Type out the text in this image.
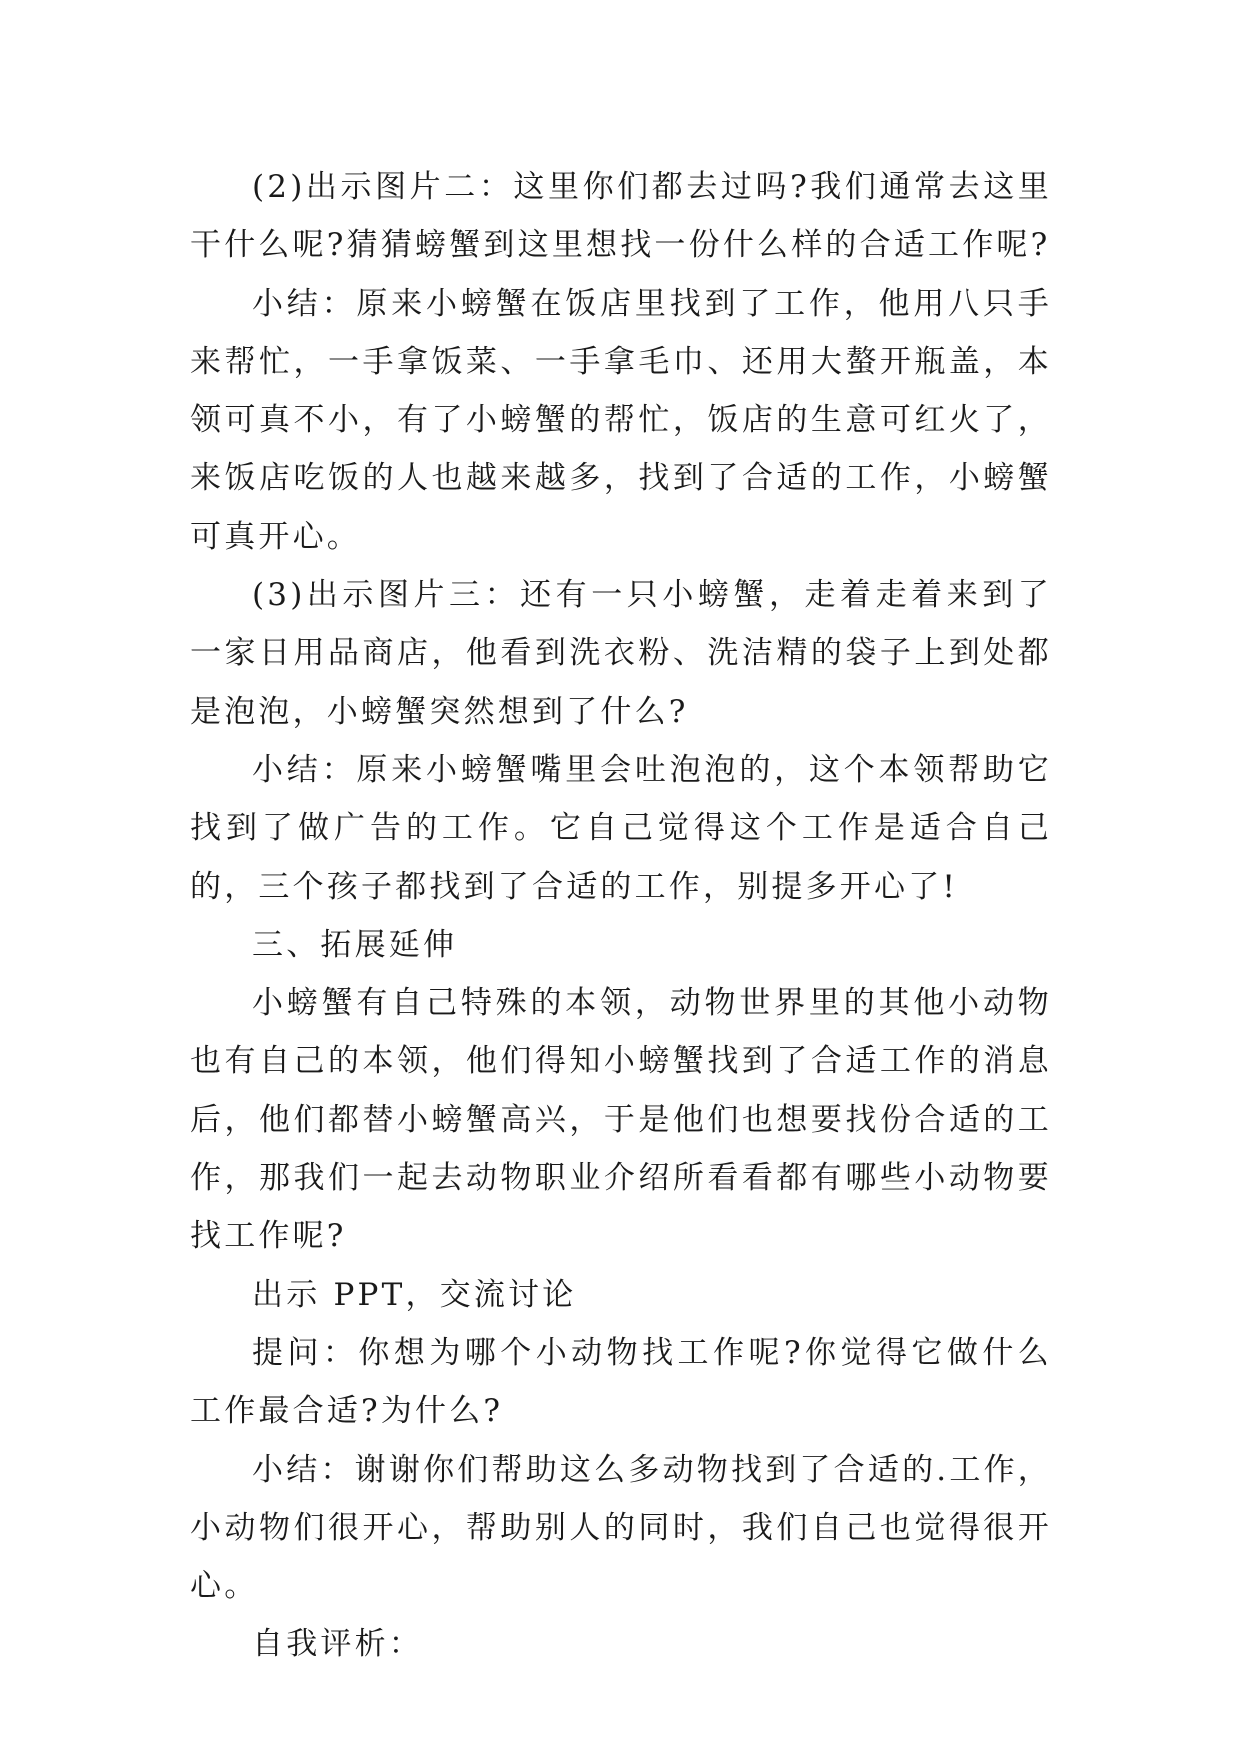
(2)出示图片二：这里你们都去过吗?我们通常去这里干什么呢?猜猜螃蟹到这里想找一份什么样的合适工作呢?

小结：原来小螃蟹在饭店里找到了工作，他用八只手来帮忙，一手拿饭菜、一手拿毛巾、还用大螯开瓶盖，本领可真不小，有了小螃蟹的帮忙，饭店的生意可红火了，来饭店吃饭的人也越来越多，找到了合适的工作，小螃蟹可真开心。

(3)出示图片三：还有一只小螃蟹，走着走着来到了一家日用品商店，他看到洗衣粉、洗洁精的袋子上到处都是泡泡，小螃蟹突然想到了什么?

小结：原来小螃蟹嘴里会吐泡泡的，这个本领帮助它找到了做广告的工作。它自己觉得这个工作是适合自己的，三个孩子都找到了合适的工作，别提多开心了!

三、拓展延伸

小螃蟹有自己特殊的本领，动物世界里的其他小动物也有自己的本领，他们得知小螃蟹找到了合适工作的消息后，他们都替小螃蟹高兴，于是他们也想要找份合适的工作，那我们一起去动物职业介绍所看看都有哪些小动物要找工作呢?

出示 PPT，交流讨论

提问：你想为哪个小动物找工作呢?你觉得它做什么工作最合适?为什么?

小结：谢谢你们帮助这么多动物找到了合适的.工作，小动物们很开心，帮助别人的同时，我们自己也觉得很开心。

自我评析：
